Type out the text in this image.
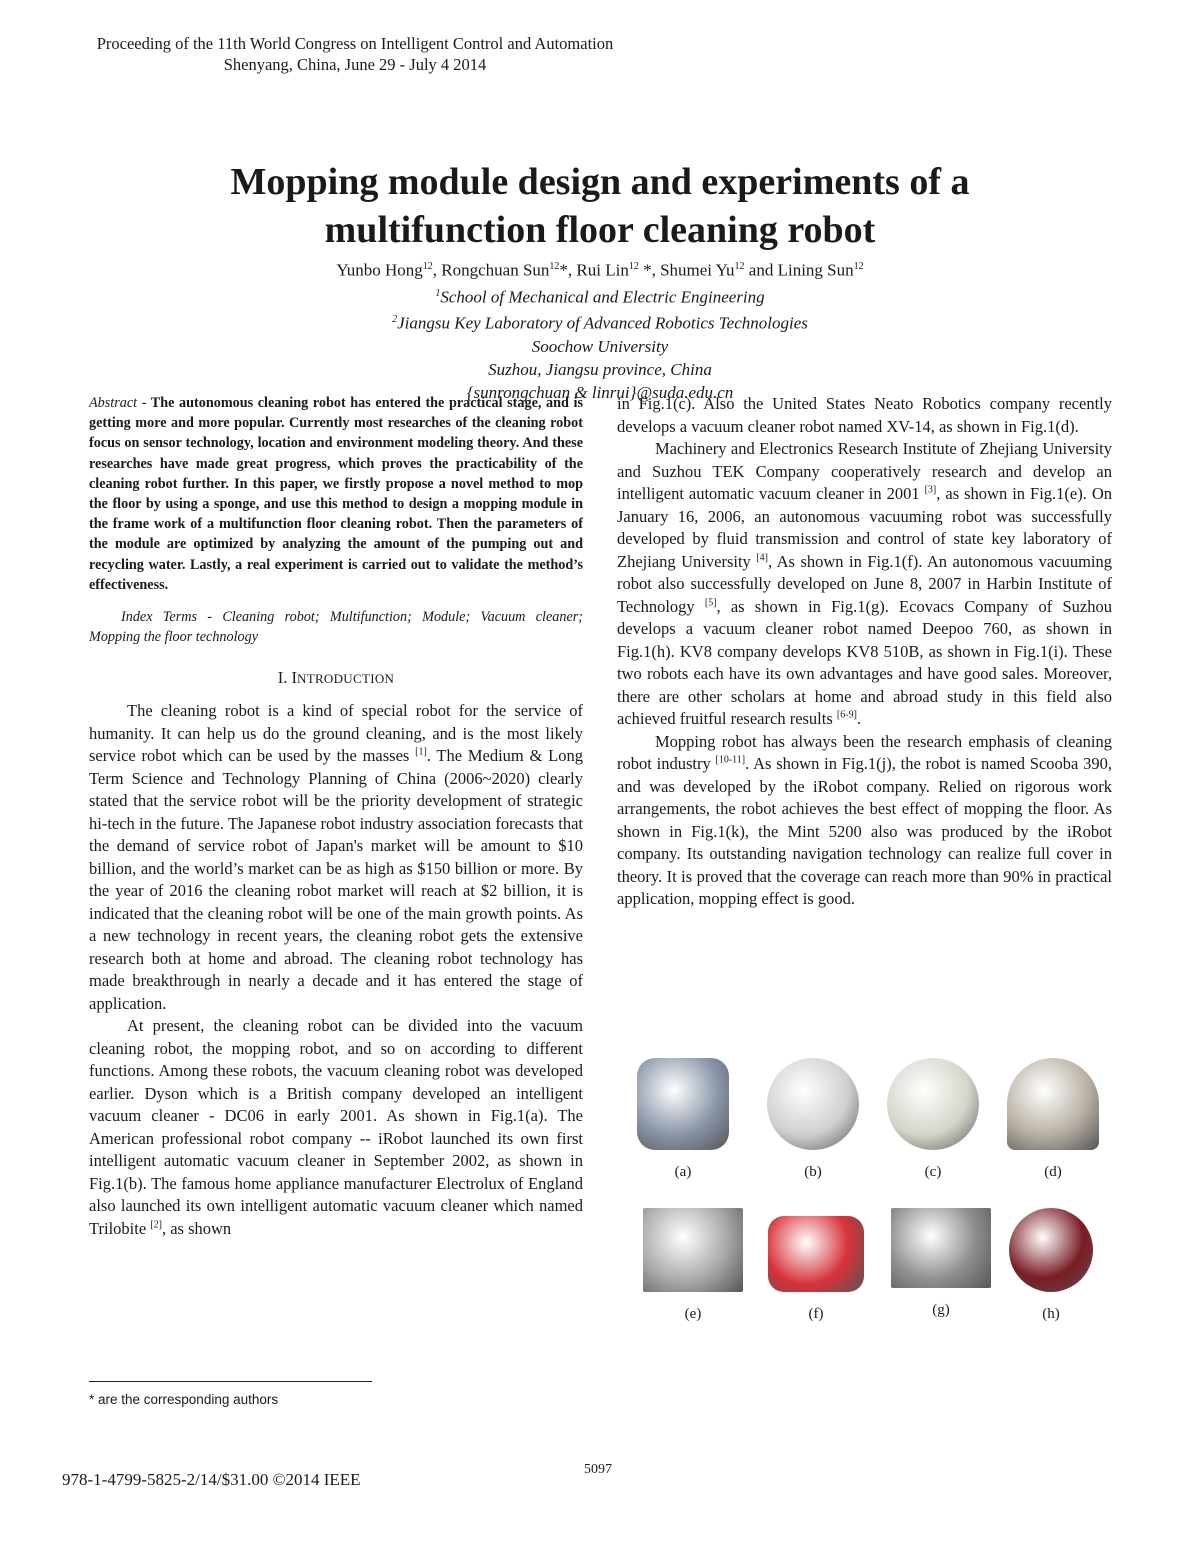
Proceeding of the 11th World Congress on Intelligent Control and Automation
Shenyang, China, June 29 - July 4 2014
Mopping module design and experiments of a
multifunction floor cleaning robot
Yunbo Hong$^{12}$, Rongchuan Sun$^{12}$*, Rui Lin$^{12}$ *, Shumei Yu$^{12}$ and Lining Sun$^{12}$
$^1$School of Mechanical and Electric Engineering
$^2$Jiangsu Key Laboratory of Advanced Robotics Technologies
Soochow University
Suzhou, Jiangsu province, China
{sunrongchuan & linrui}@suda.edu.cn

Abstract - The autonomous cleaning robot has entered the practical stage, and is getting more and more popular. Currently most researches of the cleaning robot focus on sensor technology, location and environment modeling theory. And these researches have made great progress, which proves the practicability of the cleaning robot further. In this paper, we firstly propose a novel method to mop the floor by using a sponge, and use this method to design a mopping module in the frame work of a multifunction floor cleaning robot. Then the parameters of the module are optimized by analyzing the amount of the pumping out and recycling water. Lastly, a real experiment is carried out to validate the method’s effectiveness.

Index Terms - Cleaning robot; Multifunction; Module; Vacuum cleaner; Mopping the floor technology

I. INTRODUCTION

The cleaning robot is a kind of special robot for the service of humanity. It can help us do the ground cleaning, and is the most likely service robot which can be used by the masses [1]. The Medium & Long Term Science and Technology Planning of China (2006~2020) clearly stated that the service robot will be the priority development of strategic hi-tech in the future. The Japanese robot industry association forecasts that the demand of service robot of Japan's market will be amount to $10 billion, and the world’s market can be as high as $150 billion or more. By the year of 2016 the cleaning robot market will reach at $2 billion, it is indicated that the cleaning robot will be one of the main growth points. As a new technology in recent years, the cleaning robot gets the extensive research both at home and abroad. The cleaning robot technology has made breakthrough in nearly a decade and it has entered the stage of application.

At present, the cleaning robot can be divided into the vacuum cleaning robot, the mopping robot, and so on according to different functions. Among these robots, the vacuum cleaning robot was developed earlier. Dyson which is a British company developed an intelligent vacuum cleaner - DC06 in early 2001. As shown in Fig.1(a). The American professional robot company -- iRobot launched its own first intelligent automatic vacuum cleaner in September 2002, as shown in Fig.1(b). The famous home appliance manufacturer Electrolux of England also launched its own intelligent automatic vacuum cleaner which named Trilobite [2], as shown

in Fig.1(c). Also the United States Neato Robotics company recently develops a vacuum cleaner robot named XV-14, as shown in Fig.1(d).

Machinery and Electronics Research Institute of Zhejiang University and Suzhou TEK Company cooperatively research and develop an intelligent automatic vacuum cleaner in 2001 [3], as shown in Fig.1(e). On January 16, 2006, an autonomous vacuuming robot was successfully developed by fluid transmission and control of state key laboratory of Zhejiang University [4], As shown in Fig.1(f). An autonomous vacuuming robot also successfully developed on June 8, 2007 in Harbin Institute of Technology [5], as shown in Fig.1(g). Ecovacs Company of Suzhou develops a vacuum cleaner robot named Deepoo 760, as shown in Fig.1(h). KV8 company develops KV8 510B, as shown in Fig.1(i). These two robots each have its own advantages and have good sales. Moreover, there are other scholars at home and abroad study in this field also achieved fruitful research results [6-9].

Mopping robot has always been the research emphasis of cleaning robot industry [10-11]. As shown in Fig.1(j), the robot is named Scooba 390, and was developed by the iRobot company. Relied on rigorous work arrangements, the robot achieves the best effect of mopping the floor. As shown in Fig.1(k), the Mint 5200 also was produced by the iRobot company. Its outstanding navigation technology can realize full cover in theory. It is proved that the coverage can reach more than 90% in practical application, mopping effect is good.

(a)	(b)	(c)	(d)
(e)	(f)	(g)	(h)
* are the corresponding authors
978-1-4799-5825-2/14/$31.00 ©2014 IEEE
5097
